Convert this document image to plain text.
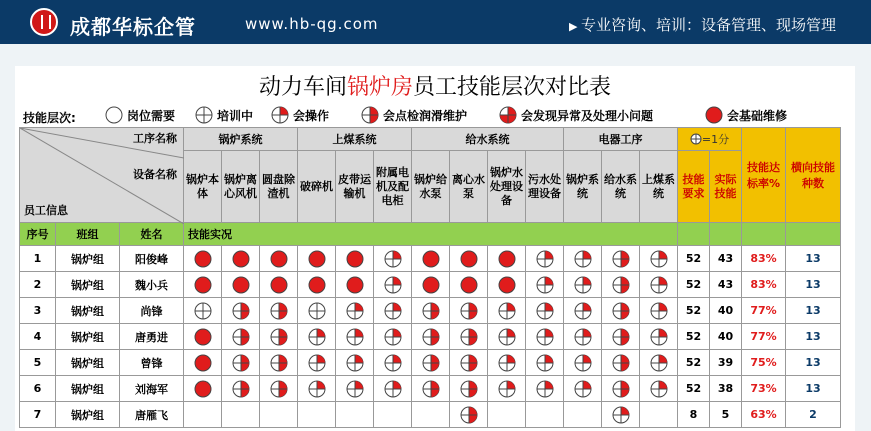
成都华标企管	www.hb-qg.com	▶ 专业咨询、培训：设备管理、现场管理
动力车间锅炉房员工技能层次对比表
技能层次:	岗位需要	培训中	会操作	会点检润滑维护	会发现异常及处理小问题	会基础维修
工序名称
设备名称
员工信息			锅炉系统			上煤系统			给水系统				电器工序			=1分		技能达标率%	横向技能种数
			锅炉本体	锅炉离心风机	圆盘除渣机	破碎机	皮带运输机	附属电机及配电柜	锅炉给水泵	离心水泵	锅炉水处理设备	污水处理设备	锅炉系统	给水系统	上煤系统	技能要求	实际技能		
序号	班组	姓名	技能实况																
1	锅炉组	阳俊峰														52	43	83%	13
2	锅炉组	魏小兵														52	43	83%	13
3	锅炉组	尚锋														52	40	77%	13
4	锅炉组	唐勇进														52	40	77%	13
5	锅炉组	曾锋														52	39	75%	13
6	锅炉组	刘海军														52	38	73%	13
7	锅炉组	唐雁飞														8	5	63%	2
